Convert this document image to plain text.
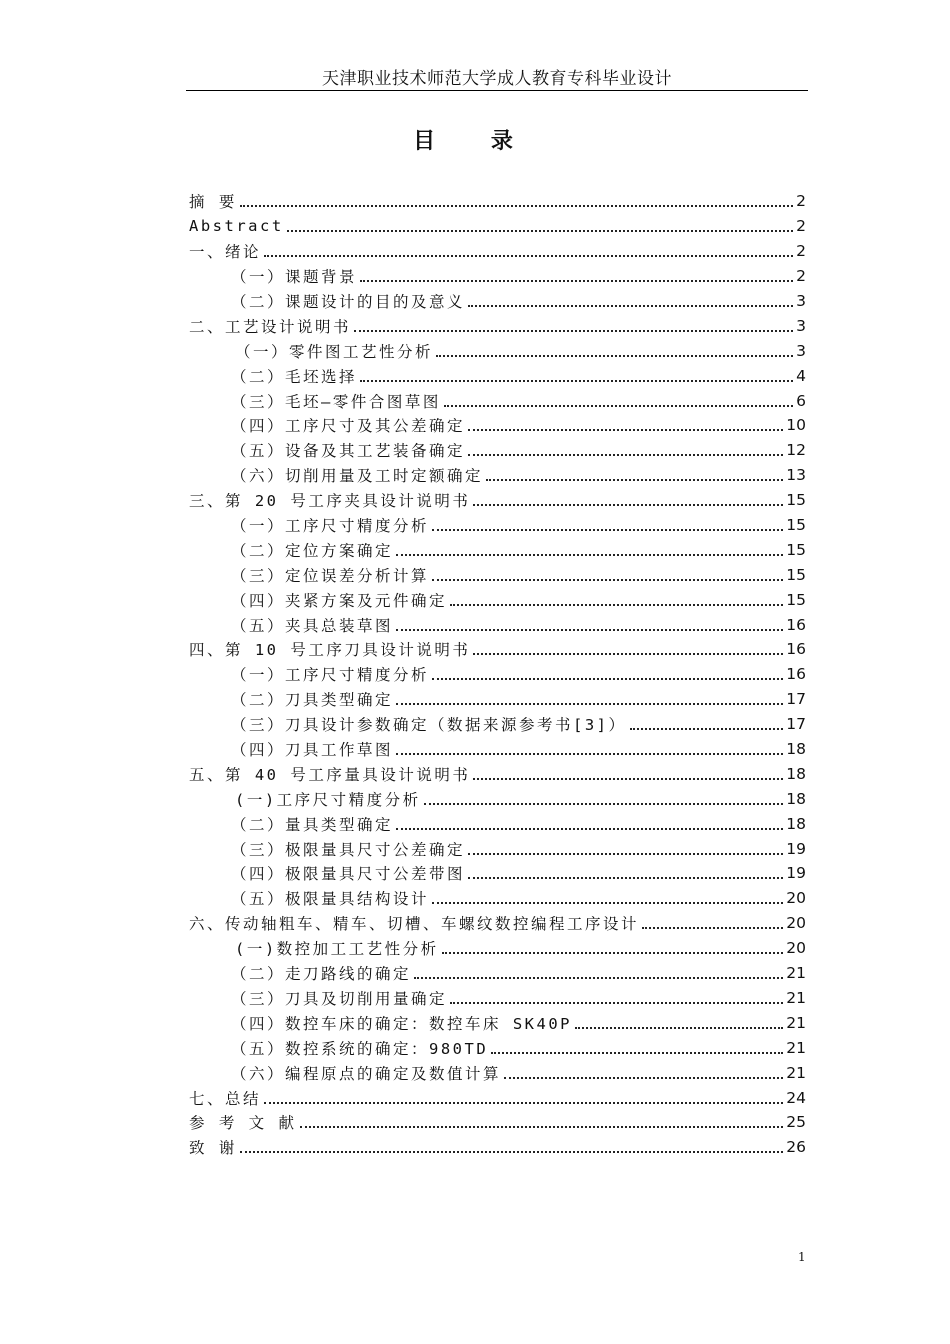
天津职业技术师范大学成人教育专科毕业设计
目 录
摘 要	2
Abstract	2
一、绪论	2
（一）课题背景	2
（二）课题设计的目的及意义	3
二、工艺设计说明书	3
（一）零件图工艺性分析	3
（二）毛坯选择	4
（三）毛坯—零件合图草图	6
（四）工序尺寸及其公差确定	10
（五）设备及其工艺装备确定	12
（六）切削用量及工时定额确定	13
三、第 20 号工序夹具设计说明书	15
（一）工序尺寸精度分析	15
（二）定位方案确定	15
（三）定位误差分析计算	15
（四）夹紧方案及元件确定	15
（五）夹具总装草图	16
四、第 10 号工序刀具设计说明书	16
（一）工序尺寸精度分析	16
（二）刀具类型确定	17
（三）刀具设计参数确定（数据来源参考书[3]）	17
（四）刀具工作草图	18
五、第 40 号工序量具设计说明书	18
(一)工序尺寸精度分析	18
（二）量具类型确定	18
（三）极限量具尺寸公差确定	19
（四）极限量具尺寸公差带图	19
（五）极限量具结构设计	20
六、传动轴粗车、精车、切槽、车螺纹数控编程工序设计	20
(一)数控加工工艺性分析	20
（二）走刀路线的确定	21
（三）刀具及切削用量确定	21
（四）数控车床的确定：数控车床 SK40P	21
（五）数控系统的确定：980TD	21
（六）编程原点的确定及数值计算	21
七、总结	24
参 考 文 献	25
致 谢	26
1
